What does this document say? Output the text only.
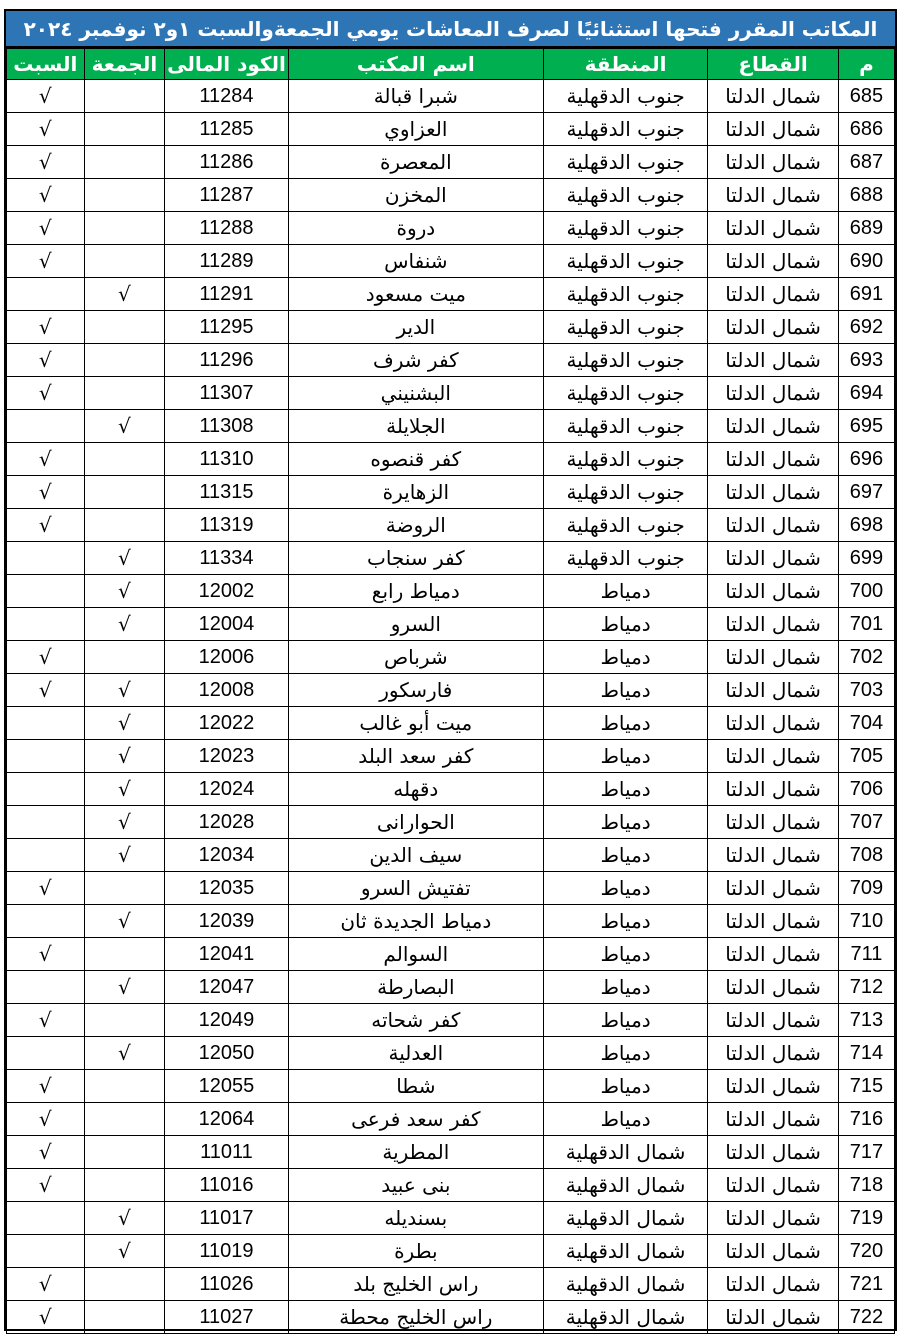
المكاتب المقرر فتحها استثنائيًا لصرف المعاشات يومي الجمعةوالسبت ١و٢ نوفمبر ٢٠٢٤
م	القطاع	المنطقة	اسم المكتب	الكود المالى	الجمعة	السبت
685	شمال الدلتا	جنوب الدقهلية	شبرا قبالة	11284		√
686	شمال الدلتا	جنوب الدقهلية	العزاوي	11285		√
687	شمال الدلتا	جنوب الدقهلية	المعصرة	11286		√
688	شمال الدلتا	جنوب الدقهلية	المخزن	11287		√
689	شمال الدلتا	جنوب الدقهلية	دروة	11288		√
690	شمال الدلتا	جنوب الدقهلية	شنفاس	11289		√
691	شمال الدلتا	جنوب الدقهلية	ميت مسعود	11291	√	
692	شمال الدلتا	جنوب الدقهلية	الدير	11295		√
693	شمال الدلتا	جنوب الدقهلية	كفر شرف	11296		√
694	شمال الدلتا	جنوب الدقهلية	البشنيني	11307		√
695	شمال الدلتا	جنوب الدقهلية	الجلايلة	11308	√	
696	شمال الدلتا	جنوب الدقهلية	كفر قنصوه	11310		√
697	شمال الدلتا	جنوب الدقهلية	الزهايرة	11315		√
698	شمال الدلتا	جنوب الدقهلية	الروضة	11319		√
699	شمال الدلتا	جنوب الدقهلية	كفر سنجاب	11334	√	
700	شمال الدلتا	دمياط	دمياط رابع	12002	√	
701	شمال الدلتا	دمياط	السرو	12004	√	
702	شمال الدلتا	دمياط	شرباص	12006		√
703	شمال الدلتا	دمياط	فارسكور	12008	√	√
704	شمال الدلتا	دمياط	ميت أبو غالب	12022	√	
705	شمال الدلتا	دمياط	كفر سعد البلد	12023	√	
706	شمال الدلتا	دمياط	دقهله	12024	√	
707	شمال الدلتا	دمياط	الحوارانى	12028	√	
708	شمال الدلتا	دمياط	سيف الدين	12034	√	
709	شمال الدلتا	دمياط	تفتيش السرو	12035		√
710	شمال الدلتا	دمياط	دمياط الجديدة ثان	12039	√	
711	شمال الدلتا	دمياط	السوالم	12041		√
712	شمال الدلتا	دمياط	البصارطة	12047	√	
713	شمال الدلتا	دمياط	كفر شحاته	12049		√
714	شمال الدلتا	دمياط	العدلية	12050	√	
715	شمال الدلتا	دمياط	شطا	12055		√
716	شمال الدلتا	دمياط	كفر سعد فرعى	12064		√
717	شمال الدلتا	شمال الدقهلية	المطرية	11011		√
718	شمال الدلتا	شمال الدقهلية	بنى عبيد	11016		√
719	شمال الدلتا	شمال الدقهلية	بسنديله	11017	√	
720	شمال الدلتا	شمال الدقهلية	بطرة	11019	√	
721	شمال الدلتا	شمال الدقهلية	راس الخليج بلد	11026		√
722	شمال الدلتا	شمال الدقهلية	راس الخليج محطة	11027		√
